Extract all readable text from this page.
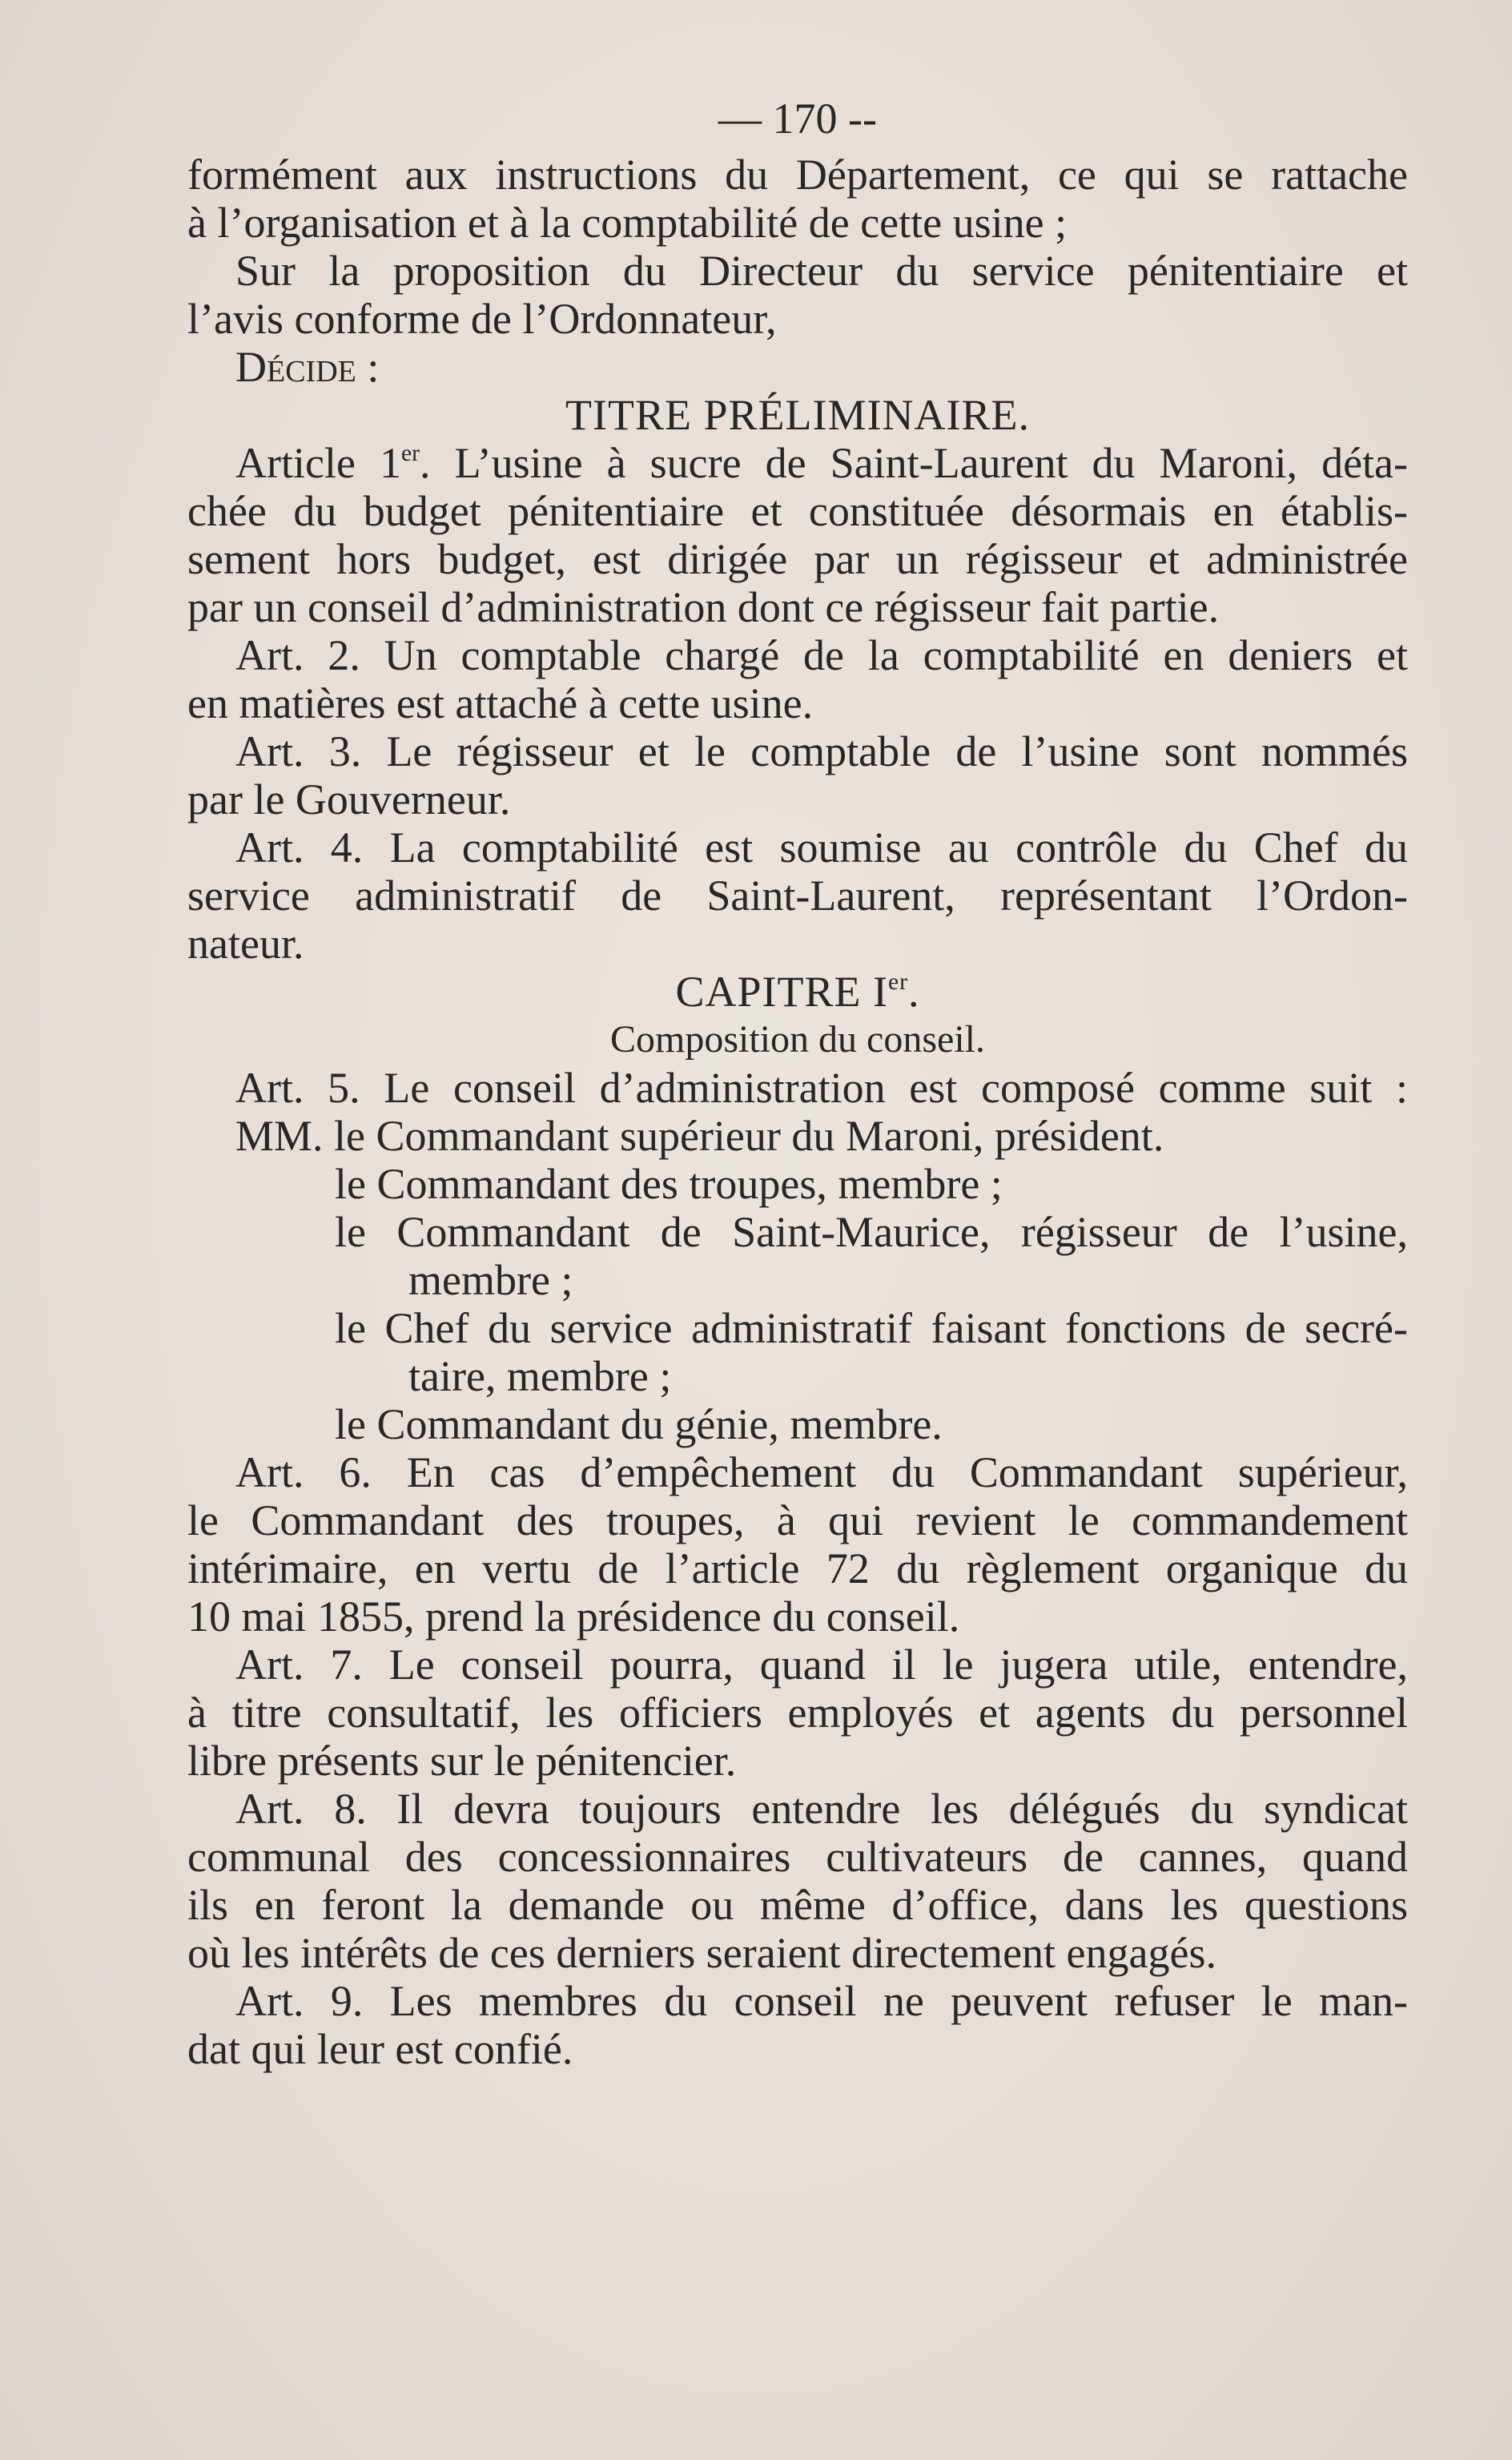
— 170 --
formément aux instructions du Département, ce qui se rattache
à l’organisation et à la comptabilité de cette usine ;
Sur la proposition du Directeur du service pénitentiaire et
l’avis conforme de l’Ordonnateur,
Décide :
TITRE PRÉLIMINAIRE.
Article 1er. L’usine à sucre de Saint-Laurent du Maroni, déta-
chée du budget pénitentiaire et constituée désormais en établis-
sement hors budget, est dirigée par un régisseur et administrée
par un conseil d’administration dont ce régisseur fait partie.
Art. 2. Un comptable chargé de la comptabilité en deniers et
en matières est attaché à cette usine.
Art. 3. Le régisseur et le comptable de l’usine sont nommés
par le Gouverneur.
Art. 4. La comptabilité est soumise au contrôle du Chef du
service administratif de Saint-Laurent, représentant l’Ordon-
nateur.
CAPITRE Ier.
Composition du conseil.
Art. 5. Le conseil d’administration est composé comme suit :
MM. le Commandant supérieur du Maroni, président.
le Commandant des troupes, membre ;
le Commandant de Saint-Maurice, régisseur de l’usine,
membre ;
le Chef du service administratif faisant fonctions de secré-
taire, membre ;
le Commandant du génie, membre.
Art. 6. En cas d’empêchement du Commandant supérieur,
le Commandant des troupes, à qui revient le commandement
intérimaire, en vertu de l’article 72 du règlement organique du
10 mai 1855, prend la présidence du conseil.
Art. 7. Le conseil pourra, quand il le jugera utile, entendre,
à titre consultatif, les officiers employés et agents du personnel
libre présents sur le pénitencier.
Art. 8. Il devra toujours entendre les délégués du syndicat
communal des concessionnaires cultivateurs de cannes, quand
ils en feront la demande ou même d’office, dans les questions
où les intérêts de ces derniers seraient directement engagés.
Art. 9. Les membres du conseil ne peuvent refuser le man-
dat qui leur est confié.
